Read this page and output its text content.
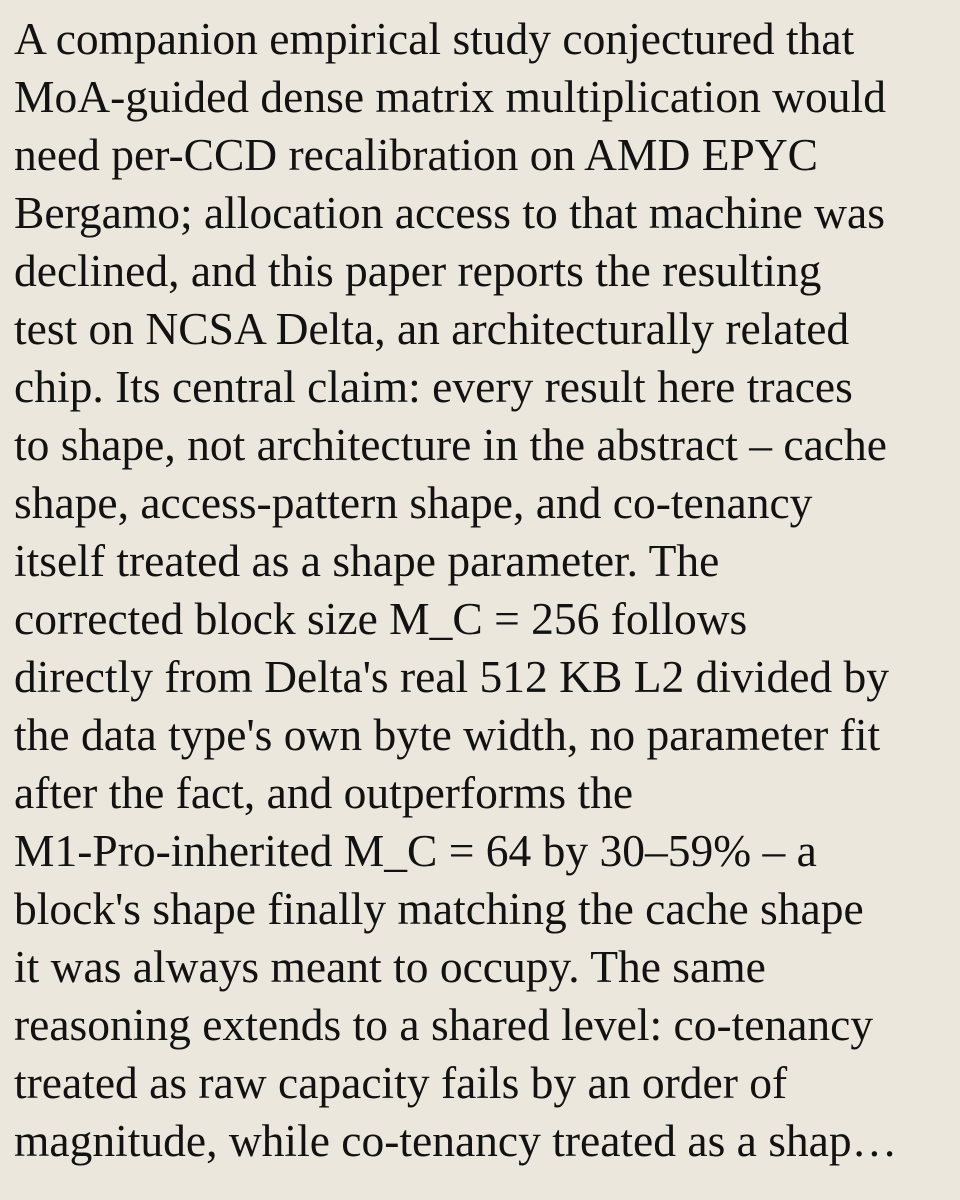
A companion empirical study conjectured that
MoA-guided dense matrix multiplication would
need per-CCD recalibration on AMD EPYC
Bergamo; allocation access to that machine was
declined, and this paper reports the resulting
test on NCSA Delta, an architecturally related
chip. Its central claim: every result here traces
to shape, not architecture in the abstract – cache
shape, access-pattern shape, and co-tenancy
itself treated as a shape parameter. The
corrected block size M_C = 256 follows
directly from Delta's real 512 KB L2 divided by
the data type's own byte width, no parameter fit
after the fact, and outperforms the
M1-Pro-inherited M_C = 64 by 30–59% – a
block's shape finally matching the cache shape
it was always meant to occupy. The same
reasoning extends to a shared level: co-tenancy
treated as raw capacity fails by an order of
magnitude, while co-tenancy treated as a shap…
